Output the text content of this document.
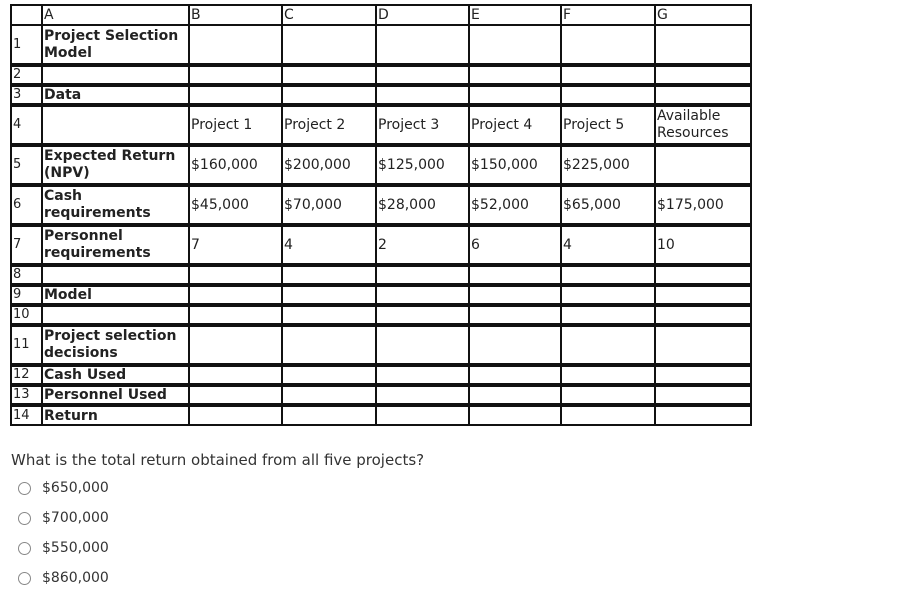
	A	B	C	D	E	F	G
1	Project Selection Model						
2							
3	Data						
4		Project 1	Project 2	Project 3	Project 4	Project 5	Available Resources
5	Expected Return (NPV)	$160,000	$200,000	$125,000	$150,000	$225,000	
6	Cash requirements	$45,000	$70,000	$28,000	$52,000	$65,000	$175,000
7	Personnel requirements	7	4	2	6	4	10
8							
9	Model						
10							
11	Project selection decisions						
12	Cash Used						
13	Personnel Used						
14	Return						
What is the total return obtained from all five projects?
$650,000
$700,000
$550,000
$860,000
